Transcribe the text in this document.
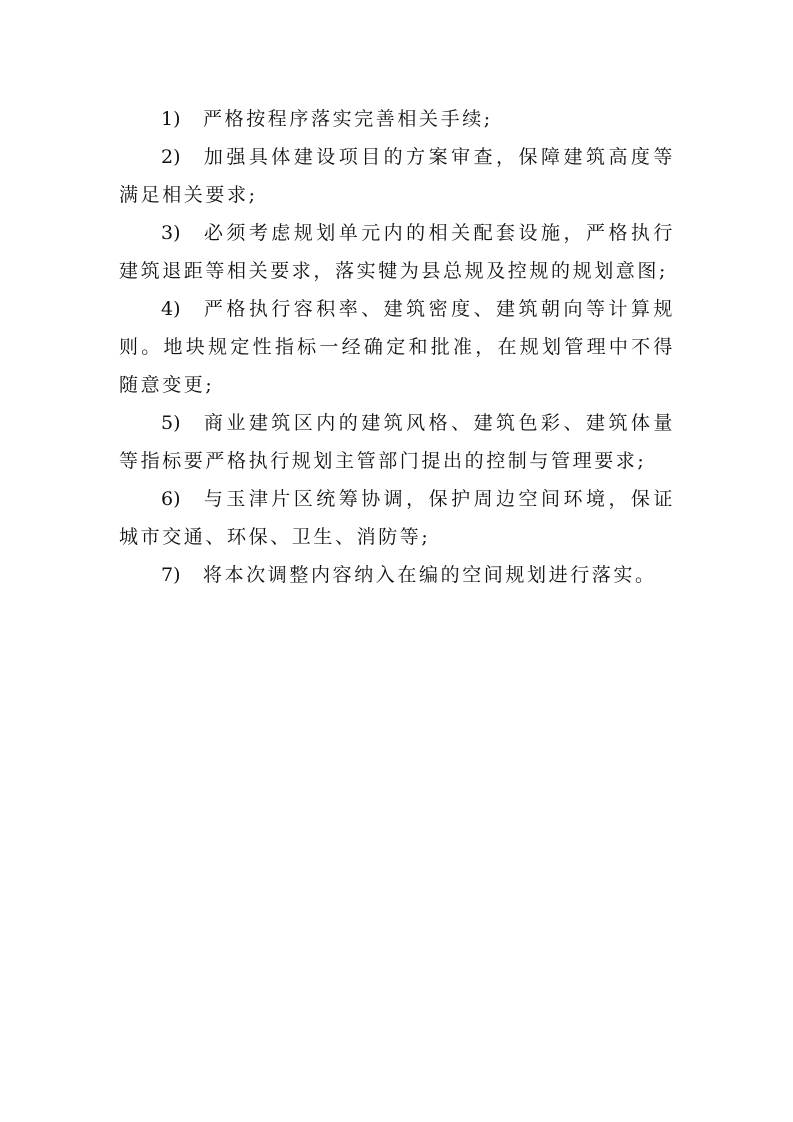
1) 严格按程序落实完善相关手续;

2) 加强具体建设项目的方案审查，保障建筑高度等满足相关要求;

3) 必须考虑规划单元内的相关配套设施，严格执行建筑退距等相关要求，落实犍为县总规及控规的规划意图;

4) 严格执行容积率、建筑密度、建筑朝向等计算规则。地块规定性指标一经确定和批准，在规划管理中不得随意变更;

5) 商业建筑区内的建筑风格、建筑色彩、建筑体量等指标要严格执行规划主管部门提出的控制与管理要求;

6) 与玉津片区统筹协调，保护周边空间环境，保证城市交通、环保、卫生、消防等;

7) 将本次调整内容纳入在编的空间规划进行落实。
